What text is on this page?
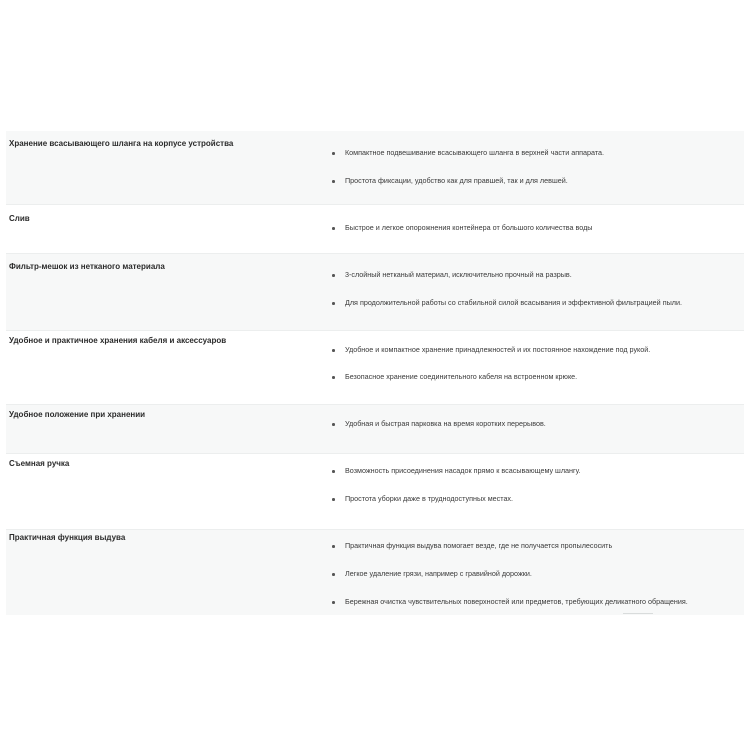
Хранение всасывающего шланга на корпусе устройства
Компактное подвешивание всасывающего шланга в верхней части аппарата.
Простота фиксации, удобство как для правшей, так и для левшей.
Слив
Быстрое и легкое опорожнения контейнера от большого количества воды
Фильтр-мешок из нетканого материала
3-слойный нетканый материал, исключительно прочный на разрыв.
Для продолжительной работы со стабильной силой всасывания и эффективной фильтрацией пыли.
Удобное и практичное хранения кабеля и аксессуаров
Удобное и компактное хранение принадлежностей и их постоянное нахождение под рукой.
Безопасное хранение соединительного кабеля на встроенном крюке.
Удобное положение при хранении
Удобная и быстрая парковка на время коротких перерывов.
Съемная ручка
Возможность присоединения насадок прямо к всасывающему шлангу.
Простота уборки даже в труднодоступных местах.
Практичная функция выдува
Практичная функция выдува помогает везде, где не получается пропылесосить
Легкое удаление грязи, например с гравийной дорожки.
Бережная очистка чувствительных поверхностей или предметов, требующих деликатного обращения.
